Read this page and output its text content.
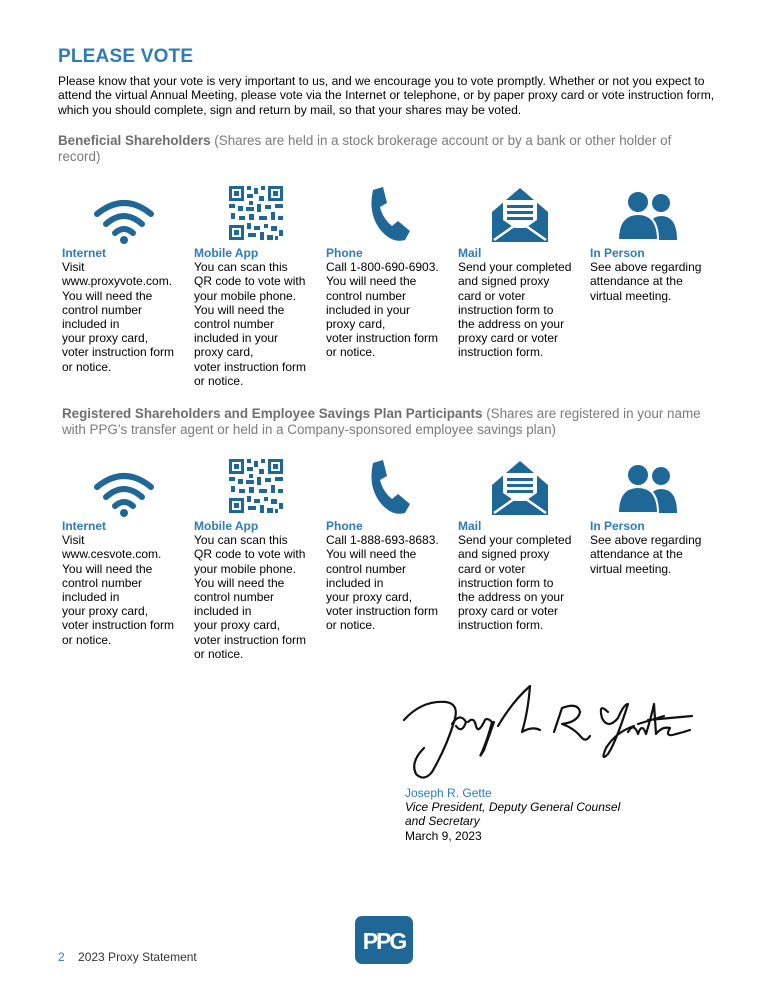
PLEASE VOTE

Please know that your vote is very important to us, and we encourage you to vote promptly. Whether or not you expect to attend the virtual Annual Meeting, please vote via the Internet or telephone, or by paper proxy card or vote instruction form, which you should complete, sign and return by mail, so that your shares may be voted.

Beneficial Shareholders (Shares are held in a stock brokerage account or by a bank or other holder of record)
Internet
Visit
www.proxyvote.com.
You will need the
control number
included in
your proxy card,
voter instruction form
or notice.
Mobile App
You can scan this
QR code to vote with
your mobile phone.
You will need the
control number
included in your
proxy card,
voter instruction form
or notice.
Phone
Call 1-800-690-6903.
You will need the
control number
included in your
proxy card,
voter instruction form
or notice.
Mail
Send your completed
and signed proxy
card or voter
instruction form to
the address on your
proxy card or voter
instruction form.
In Person
See above regarding
attendance at the
virtual meeting.
Registered Shareholders and Employee Savings Plan Participants (Shares are registered in your name with PPG’s transfer agent or held in a Company-sponsored employee savings plan)
Internet
Visit
www.cesvote.com.
You will need the
control number
included in
your proxy card,
voter instruction form
or notice.
Mobile App
You can scan this
QR code to vote with
your mobile phone.
You will need the
control number
included in
your proxy card,
voter instruction form
or notice.
Phone
Call 1-888-693-8683.
You will need the
control number
included in
your proxy card,
voter instruction form
or notice.
Mail
Send your completed
and signed proxy
card or voter
instruction form to
the address on your
proxy card or voter
instruction form.
In Person
See above regarding
attendance at the
virtual meeting.
Joseph R. Gette
Vice President, Deputy General Counsel
and Secretary
March 9, 2023
PPG
2 2023 Proxy Statement
